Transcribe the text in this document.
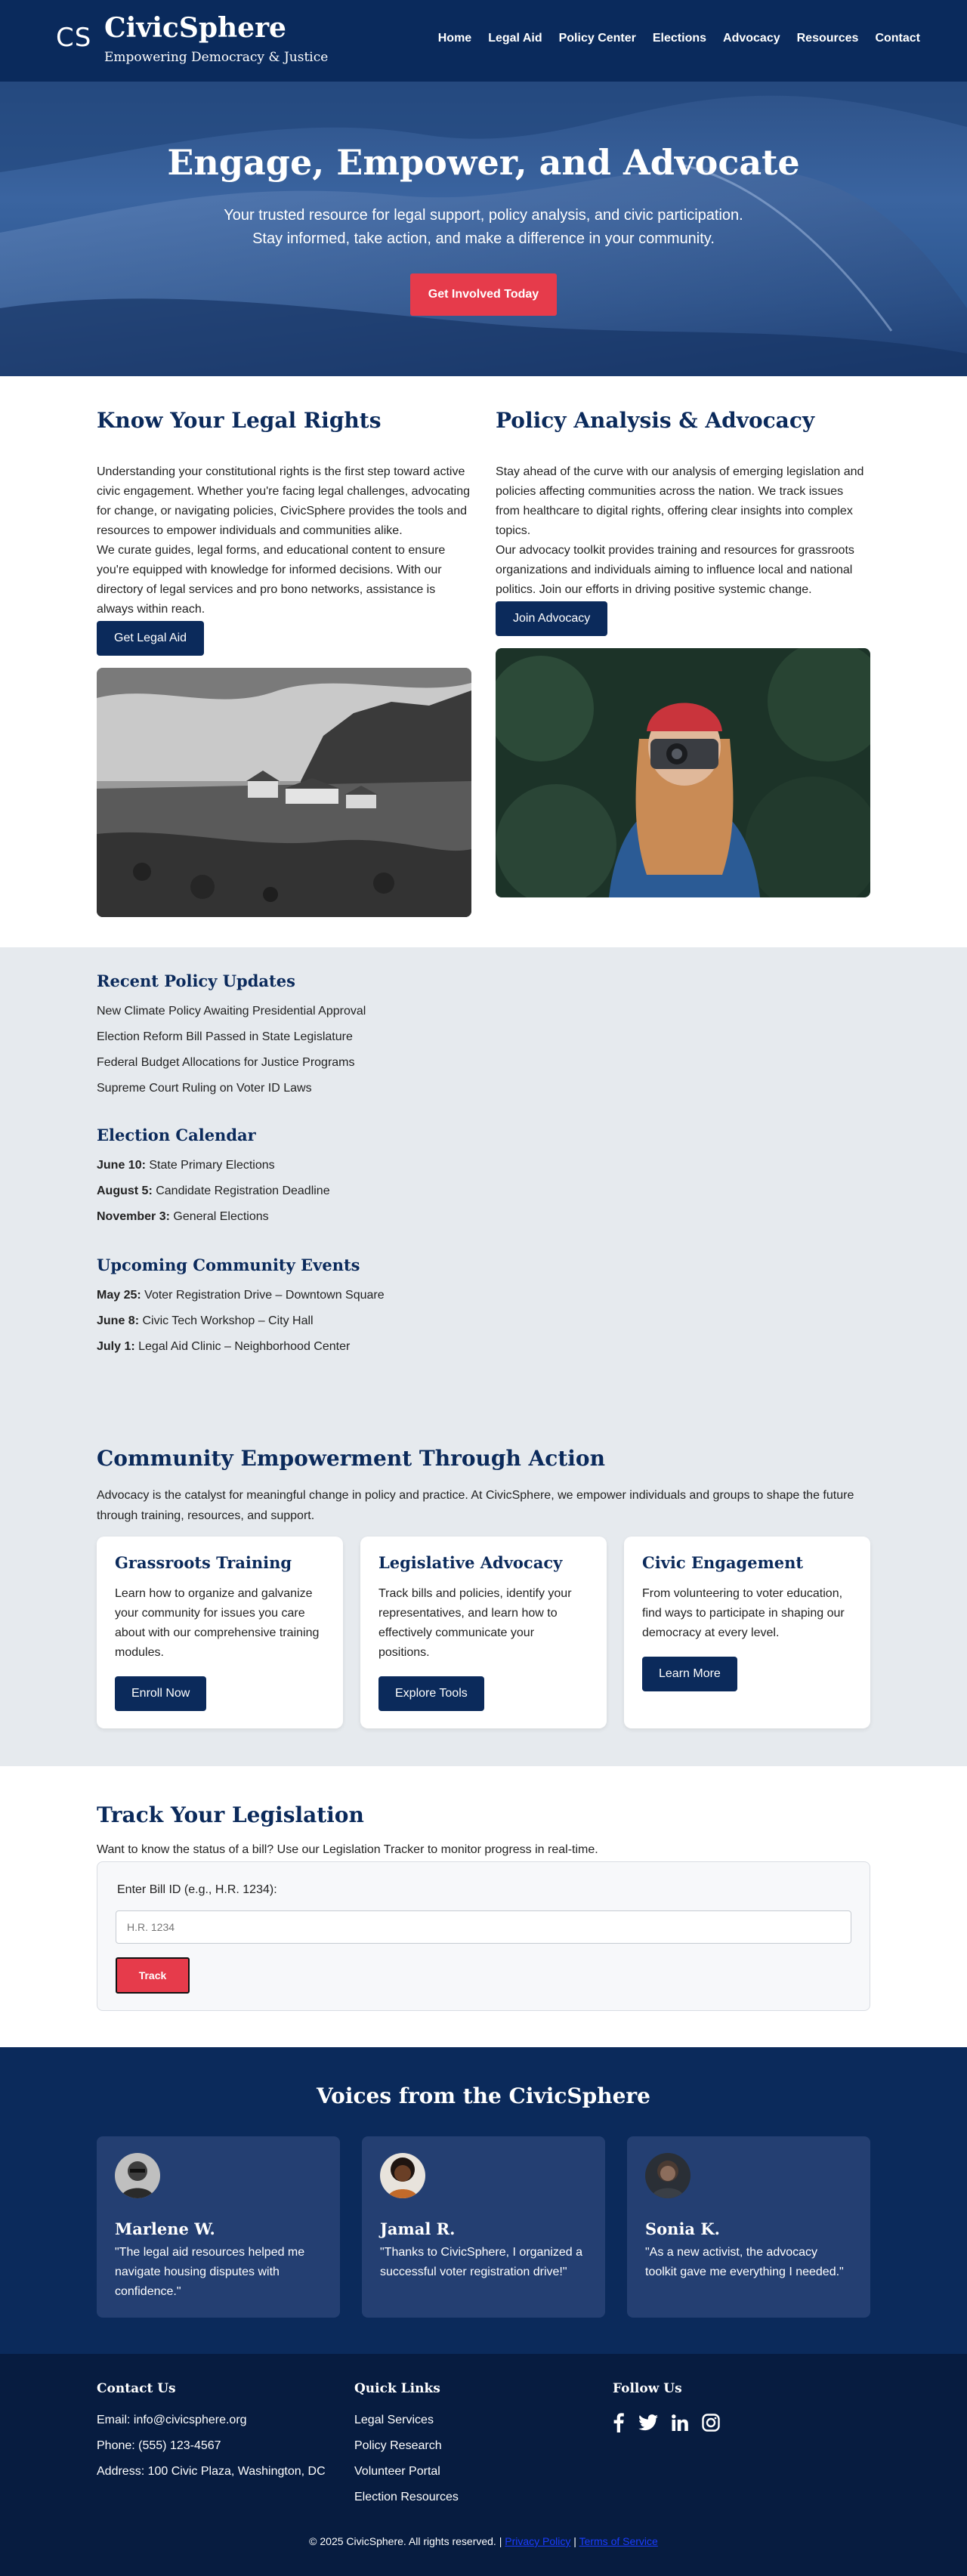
CS CivicSphere
Empowering Democracy & Justice
Home Legal Aid Policy Center Elections Advocacy Resources Contact
Engage, Empower, and Advocate
Your trusted resource for legal support, policy analysis, and civic participation.
Stay informed, take action, and make a difference in your community.
Get Involved Today
Know Your Legal Rights

Understanding your constitutional rights is the first step toward active civic engagement. Whether you're facing legal challenges, advocating for change, or navigating policies, CivicSphere provides the tools and resources to empower individuals and communities alike.

We curate guides, legal forms, and educational content to ensure you're equipped with knowledge for informed decisions. With our directory of legal services and pro bono networks, assistance is always within reach.

Get Legal Aid
Policy Analysis & Advocacy

Stay ahead of the curve with our analysis of emerging legislation and policies affecting communities across the nation. We track issues from healthcare to digital rights, offering clear insights into complex topics.

Our advocacy toolkit provides training and resources for grassroots organizations and individuals aiming to influence local and national politics. Join our efforts in driving positive systemic change.

Join Advocacy
Recent Policy Updates
New Climate Policy Awaiting Presidential Approval
Election Reform Bill Passed in State Legislature
Federal Budget Allocations for Justice Programs
Supreme Court Ruling on Voter ID Laws
Election Calendar
June 10: State Primary Elections
August 5: Candidate Registration Deadline
November 3: General Elections
Upcoming Community Events
May 25: Voter Registration Drive – Downtown Square
June 8: Civic Tech Workshop – City Hall
July 1: Legal Aid Clinic – Neighborhood Center
Community Empowerment Through Action
Advocacy is the catalyst for meaningful change in policy and practice. At CivicSphere, we empower individuals and groups to shape the future through training, resources, and support.
Grassroots Training

Learn how to organize and galvanize your community for issues you care about with our comprehensive training modules.

Enroll Now
Legislative Advocacy

Track bills and policies, identify your representatives, and learn how to effectively communicate your positions.

Explore Tools
Civic Engagement

From volunteering to voter education, find ways to participate in shaping our democracy at every level.

Learn More
Track Your Legislation
Want to know the status of a bill? Use our Legislation Tracker to monitor progress in real-time.
Enter Bill ID (e.g., H.R. 1234):
H.R. 1234
Track
Voices from the CivicSphere
Marlene W.
"The legal aid resources helped me navigate housing disputes with confidence."
Jamal R.
"Thanks to CivicSphere, I organized a successful voter registration drive!"
Sonia K.
"As a new activist, the advocacy toolkit gave me everything I needed."
Contact Us
Email: info@civicsphere.org
Phone: (555) 123-4567
Address: 100 Civic Plaza, Washington, DC
Quick Links
Legal Services
Policy Research
Volunteer Portal
Election Resources
Follow Us
© 2025 CivicSphere. All rights reserved. | Privacy Policy | Terms of Service
